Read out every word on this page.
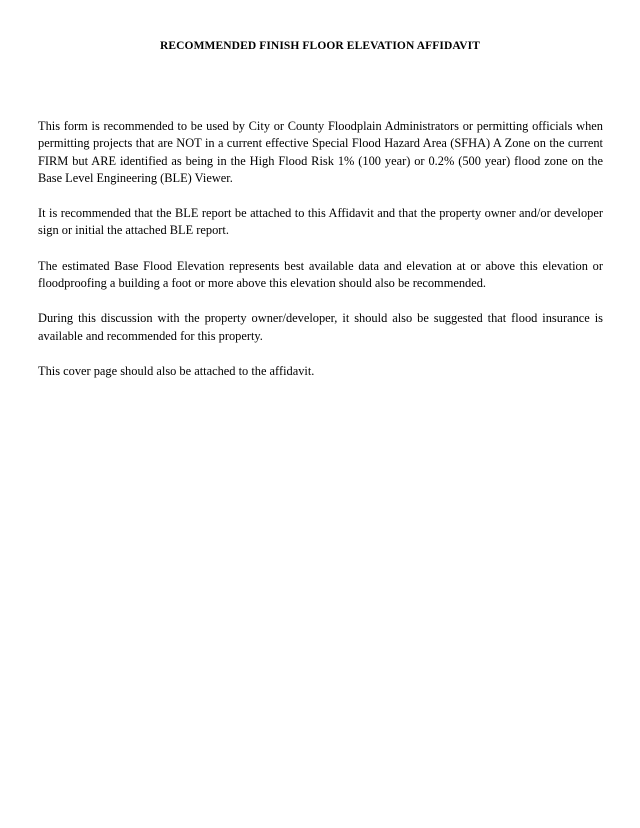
RECOMMENDED FINISH FLOOR ELEVATION AFFIDAVIT

This form is recommended to be used by City or County Floodplain Administrators or permitting officials when permitting projects that are NOT in a current effective Special Flood Hazard Area (SFHA) A Zone on the current FIRM but ARE identified as being in the High Flood Risk 1% (100 year) or 0.2% (500 year) flood zone on the Base Level Engineering (BLE) Viewer.

It is recommended that the BLE report be attached to this Affidavit and that the property owner and/or developer sign or initial the attached BLE report.

The estimated Base Flood Elevation represents best available data and elevation at or above this elevation or floodproofing a building a foot or more above this elevation should also be recommended.

During this discussion with the property owner/developer, it should also be suggested that flood insurance is available and recommended for this property.

This cover page should also be attached to the affidavit.
